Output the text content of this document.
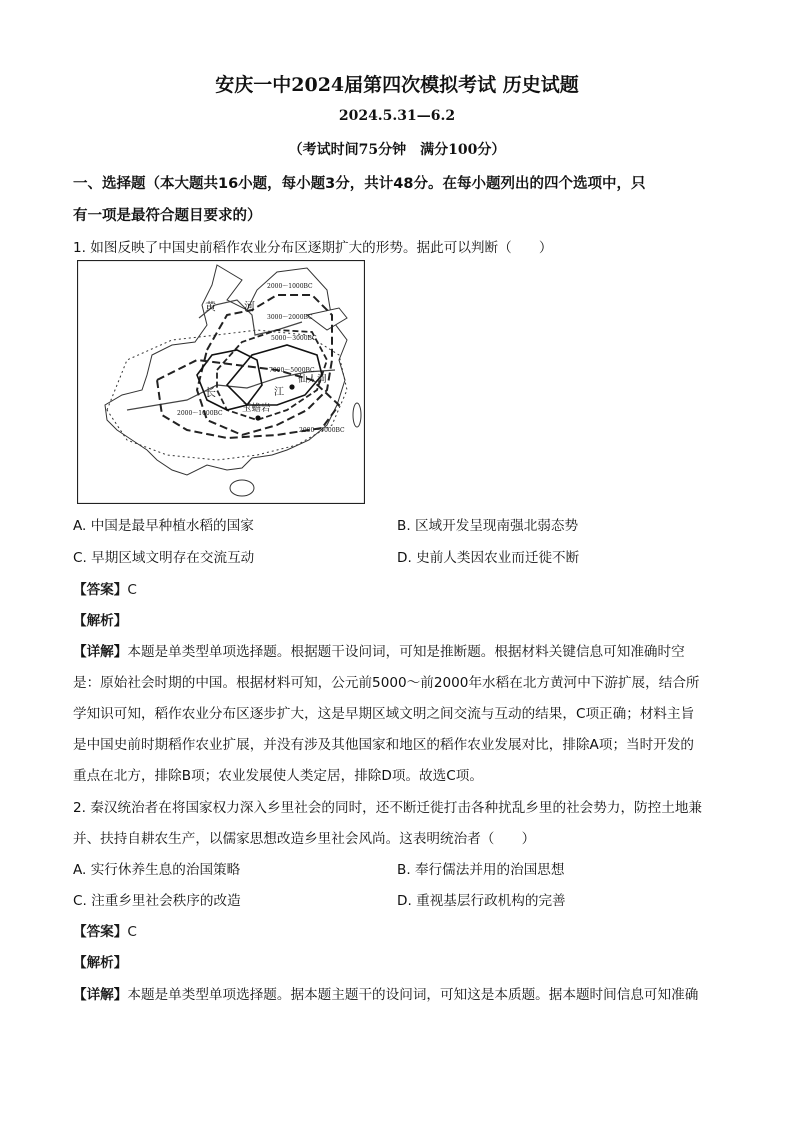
安庆一中2024届第四次模拟考试 历史试题
2024.5.31—6.2
（考试时间75分钟　满分100分）
一、选择题（本大题共16小题，每小题3分，共计48分。在每小题列出的四个选项中，只
有一项是最符合题目要求的）
1. 如图反映了中国史前稻作农业分布区逐期扩大的形势。据此可以判断（　　）
黄	河
长	江
仙人洞
玉蟾岩
2000～1000BC
3000～2000BC
5000～3000BC
7000～5000BC
2000～1000BC
2000～1000BC
A. 中国是最早种植水稻的国家	B. 区域开发呈现南强北弱态势
C. 早期区域文明存在交流互动	D. 史前人类因农业而迁徙不断
【答案】C
【解析】
【详解】本题是单类型单项选择题。根据题干设问词，可知是推断题。根据材料关键信息可知准确时空
是：原始社会时期的中国。根据材料可知，公元前5000～前2000年水稻在北方黄河中下游扩展，结合所
学知识可知，稻作农业分布区逐步扩大，这是早期区域文明之间交流与互动的结果，C项正确；材料主旨
是中国史前时期稻作农业扩展，并没有涉及其他国家和地区的稻作农业发展对比，排除A项；当时开发的
重点在北方，排除B项；农业发展使人类定居，排除D项。故选C项。
2. 秦汉统治者在将国家权力深入乡里社会的同时，还不断迁徙打击各种扰乱乡里的社会势力，防控土地兼
并、扶持自耕农生产，以儒家思想改造乡里社会风尚。这表明统治者（　　）
A. 实行休养生息的治国策略	B. 奉行儒法并用的治国思想
C. 注重乡里社会秩序的改造	D. 重视基层行政机构的完善
【答案】C
【解析】
【详解】本题是单类型单项选择题。据本题主题干的设问词，可知这是本质题。据本题时间信息可知准确
